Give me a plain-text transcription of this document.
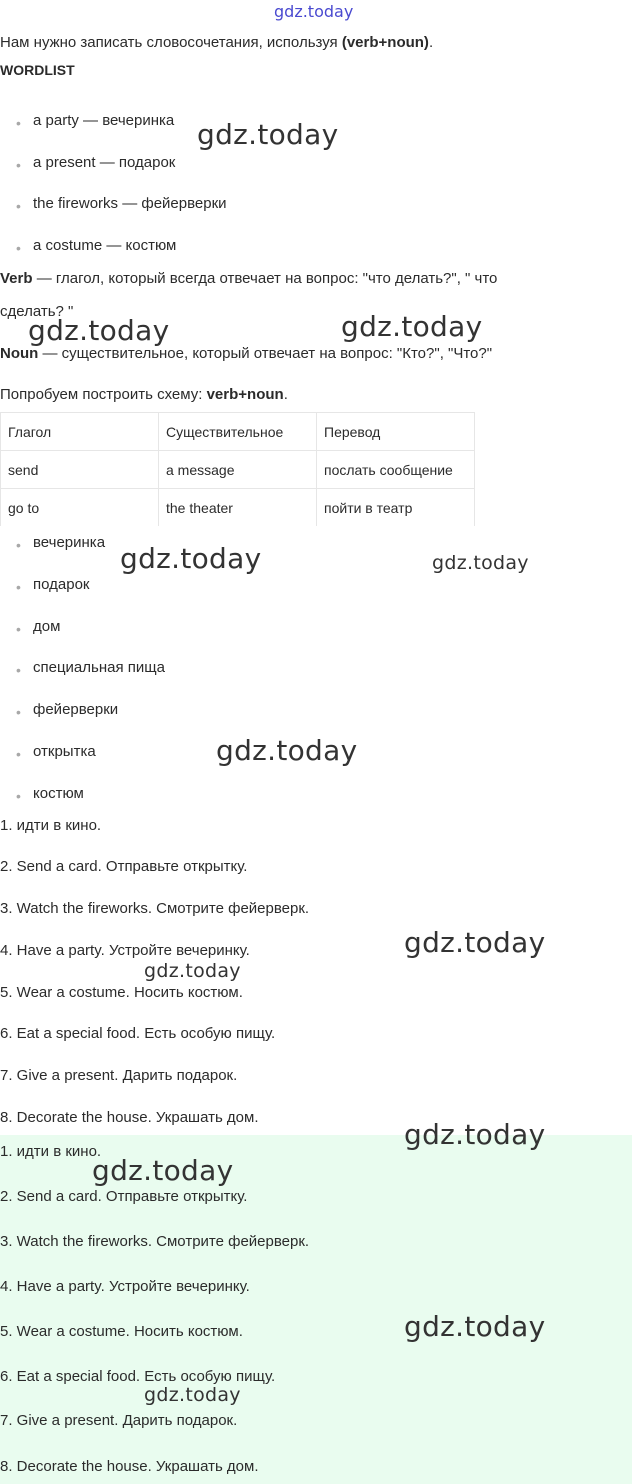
gdz.today
Нам нужно записать словосочетания, используя (verb+noun).
WORDLIST
• a party — вечеринка
• a present — подарок
• the fireworks — фейерверки
• a costume — костюм
Verb — глагол, который всегда отвечает на вопрос: "что делать?", " что
сделать? "
Noun — существительное, который отвечает на вопрос: "Кто?", "Что?"
Попробуем построить схему: verb+noun.
Глагол	Существительное	Перевод
send	a message	послать сообщение
go to	the theater	пойти в театр
• вечеринка
• подарок
• дом
• специальная пища
• фейерверки
• открытка
• костюм
1. идти в кино.
2. Send a card. Отправьте открытку.
3. Watch the fireworks. Смотрите фейерверк.
4. Have a party. Устройте вечеринку.
5. Wear a costume. Носить костюм.
6. Eat a special food. Есть особую пищу.
7. Give a present. Дарить подарок.
8. Decorate the house. Украшать дом.
1. идти в кино.
2. Send a card. Отправьте открытку.
3. Watch the fireworks. Смотрите фейерверк.
4. Have a party. Устройте вечеринку.
5. Wear a costume. Носить костюм.
6. Eat a special food. Есть особую пищу.
7. Give a present. Дарить подарок.
8. Decorate the house. Украшать дом.
gdz.today
gdz.today	gdz.today
gdz.today	gdz.today
gdz.today
gdz.today
gdz.today
gdz.today
gdz.today
gdz.today
gdz.today
